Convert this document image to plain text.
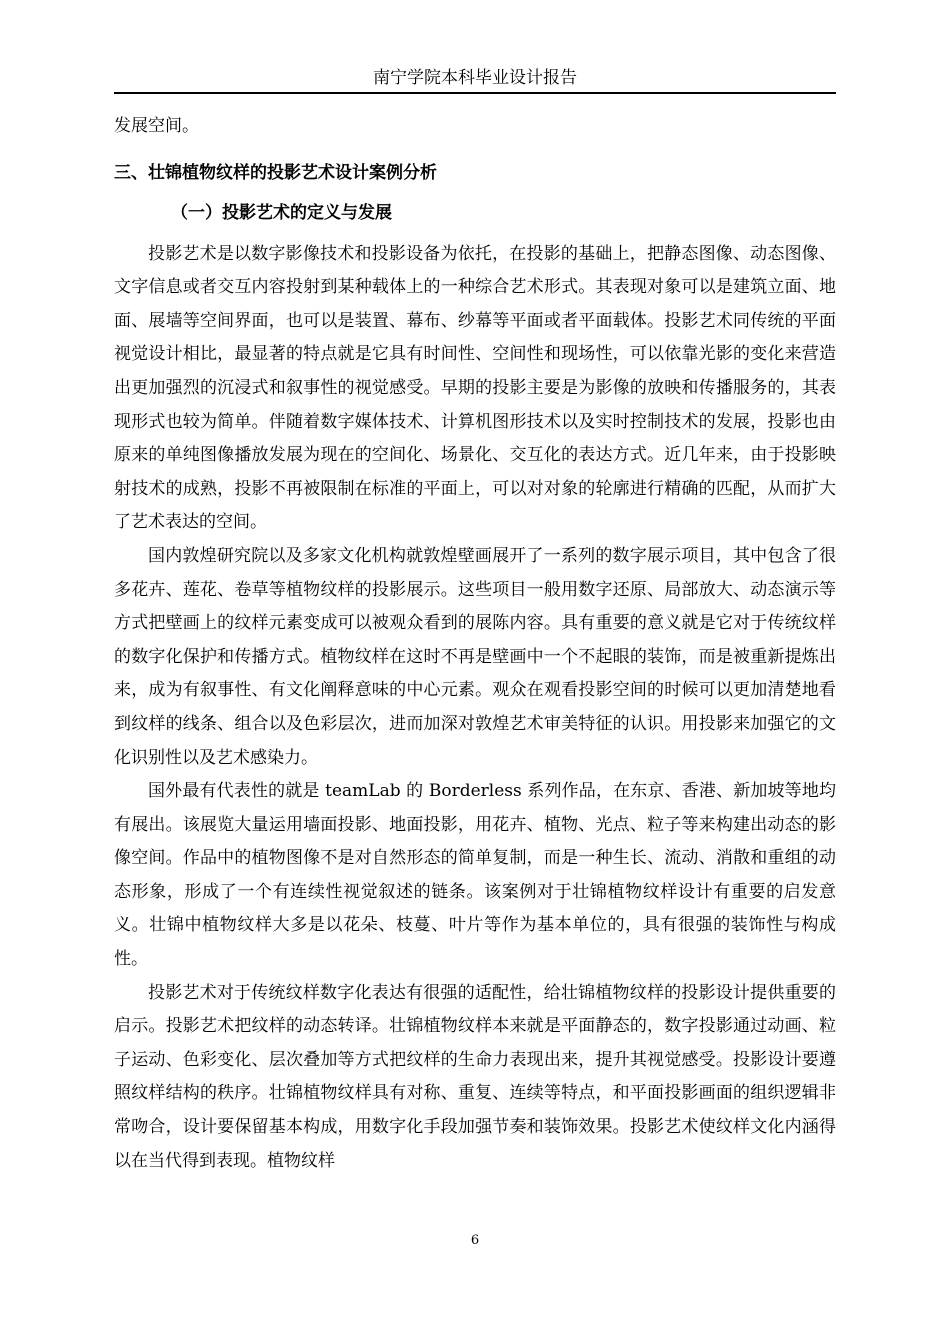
南宁学院本科毕业设计报告

发展空间。

三、壮锦植物纹样的投影艺术设计案例分析
（一）投影艺术的定义与发展

投影艺术是以数字影像技术和投影设备为依托，在投影的基础上，把静态图像、动态图像、文字信息或者交互内容投射到某种载体上的一种综合艺术形式。其表现对象可以是建筑立面、地面、展墙等空间界面，也可以是装置、幕布、纱幕等平面或者平面载体。投影艺术同传统的平面视觉设计相比，最显著的特点就是它具有时间性、空间性和现场性，可以依靠光影的变化来营造出更加强烈的沉浸式和叙事性的视觉感受。早期的投影主要是为影像的放映和传播服务的，其表现形式也较为简单。伴随着数字媒体技术、计算机图形技术以及实时控制技术的发展，投影也由原来的单纯图像播放发展为现在的空间化、场景化、交互化的表达方式。近几年来，由于投影映射技术的成熟，投影不再被限制在标准的平面上，可以对对象的轮廓进行精确的匹配，从而扩大了艺术表达的空间。

国内敦煌研究院以及多家文化机构就敦煌壁画展开了一系列的数字展示项目，其中包含了很多花卉、莲花、卷草等植物纹样的投影展示。这些项目一般用数字还原、局部放大、动态演示等方式把壁画上的纹样元素变成可以被观众看到的展陈内容。具有重要的意义就是它对于传统纹样的数字化保护和传播方式。植物纹样在这时不再是壁画中一个不起眼的装饰，而是被重新提炼出来，成为有叙事性、有文化阐释意味的中心元素。观众在观看投影空间的时候可以更加清楚地看到纹样的线条、组合以及色彩层次，进而加深对敦煌艺术审美特征的认识。用投影来加强它的文化识别性以及艺术感染力。

国外最有代表性的就是 teamLab 的 Borderless 系列作品，在东京、香港、新加坡等地均有展出。该展览大量运用墙面投影、地面投影，用花卉、植物、光点、粒子等来构建出动态的影像空间。作品中的植物图像不是对自然形态的简单复制，而是一种生长、流动、消散和重组的动态形象，形成了一个有连续性视觉叙述的链条。该案例对于壮锦植物纹样设计有重要的启发意义。壮锦中植物纹样大多是以花朵、枝蔓、叶片等作为基本单位的，具有很强的装饰性与构成性。

投影艺术对于传统纹样数字化表达有很强的适配性，给壮锦植物纹样的投影设计提供重要的启示。投影艺术把纹样的动态转译。壮锦植物纹样本来就是平面静态的，数字投影通过动画、粒子运动、色彩变化、层次叠加等方式把纹样的生命力表现出来，提升其视觉感受。投影设计要遵照纹样结构的秩序。壮锦植物纹样具有对称、重复、连续等特点，和平面投影画面的组织逻辑非常吻合，设计要保留基本构成，用数字化手段加强节奏和装饰效果。投影艺术使纹样文化内涵得以在当代得到表现。植物纹样

6
